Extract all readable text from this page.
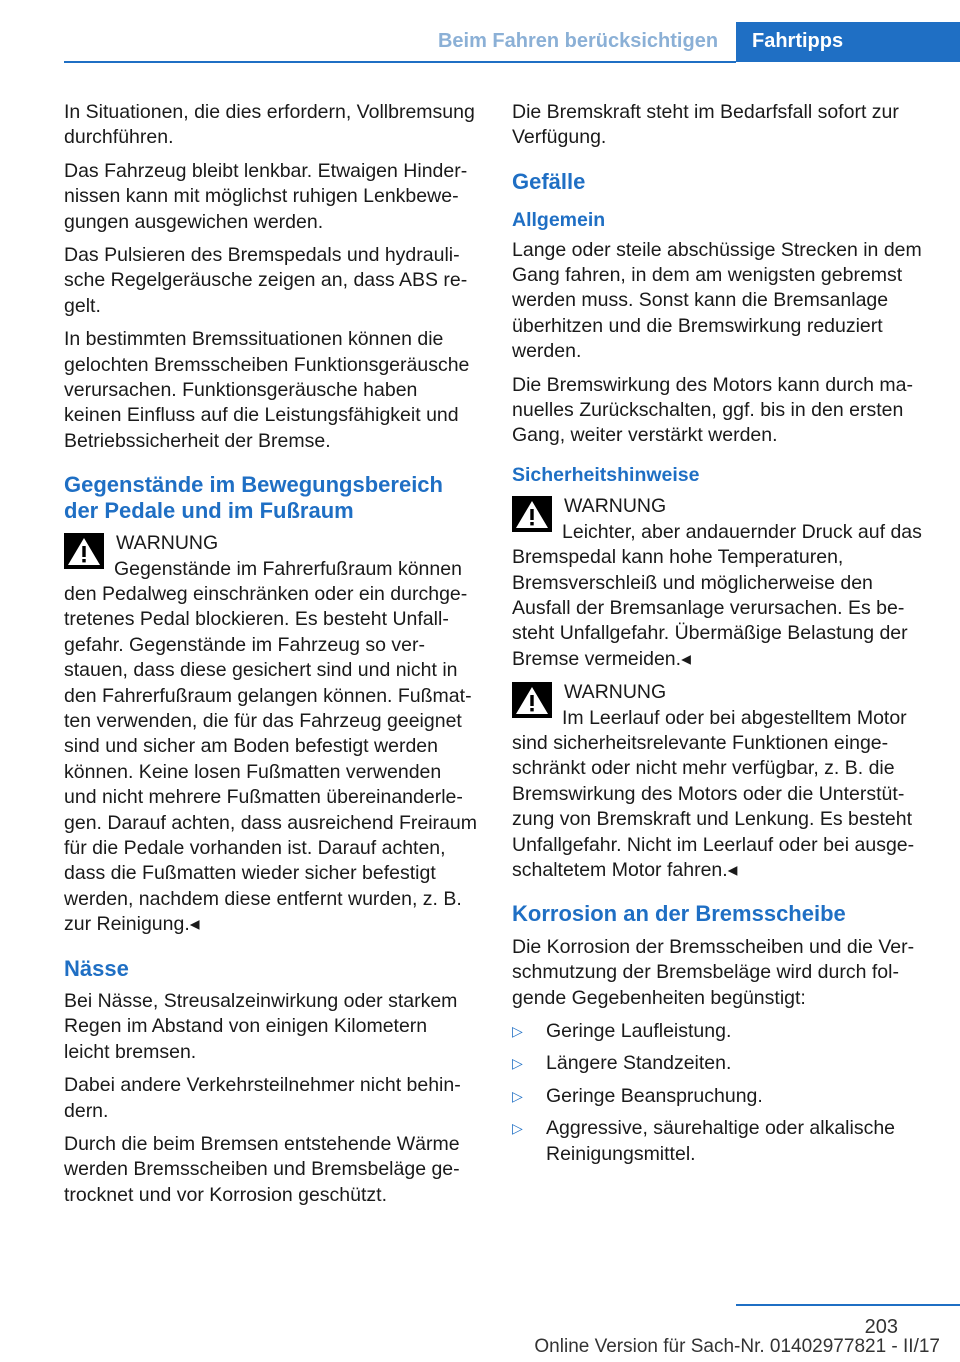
Beim Fahren berücksichtigen	Fahrtipps

In Situationen, die dies erfordern, Vollbremsung durchführen.

Das Fahrzeug bleibt lenkbar. Etwaigen Hindernissen kann mit möglichst ruhigen Lenkbewegungen ausgewichen werden.

Das Pulsieren des Bremspedals und hydraulische Regelgeräusche zeigen an, dass ABS regelt.

In bestimmten Bremssituationen können die gelochten Bremsscheiben Funktionsgeräusche verursachen. Funktionsgeräusche haben keinen Einfluss auf die Leistungsfähigkeit und Betriebssicherheit der Bremse.

Gegenstände im Bewegungsbereich der Pedale und im Fußraum
WARNUNG
Gegenstände im Fahrerfußraum können den Pedalweg einschränken oder ein durchgetretenes Pedal blockieren. Es besteht Unfallgefahr. Gegenstände im Fahrzeug so verstauen, dass diese gesichert sind und nicht in den Fahrerfußraum gelangen können. Fußmatten verwenden, die für das Fahrzeug geeignet sind und sicher am Boden befestigt werden können. Keine losen Fußmatten verwenden und nicht mehrere Fußmatten übereinanderlegen. Darauf achten, dass ausreichend Freiraum für die Pedale vorhanden ist. Darauf achten, dass die Fußmatten wieder sicher befestigt werden, nachdem diese entfernt wurden, z. B. zur Reinigung.◂
Nässe

Bei Nässe, Streusalzeinwirkung oder starkem Regen im Abstand von einigen Kilometern leicht bremsen.

Dabei andere Verkehrsteilnehmer nicht behindern.

Durch die beim Bremsen entstehende Wärme werden Bremsscheiben und Bremsbeläge getrocknet und vor Korrosion geschützt.

Die Bremskraft steht im Bedarfsfall sofort zur Verfügung.

Gefälle
Allgemein

Lange oder steile abschüssige Strecken in dem Gang fahren, in dem am wenigsten gebremst werden muss. Sonst kann die Bremsanlage überhitzen und die Bremswirkung reduziert werden.

Die Bremswirkung des Motors kann durch manuelles Zurückschalten, ggf. bis in den ersten Gang, weiter verstärkt werden.

Sicherheitshinweise
WARNUNG
Leichter, aber andauernder Druck auf das Bremspedal kann hohe Temperaturen, Bremsverschleiß und möglicherweise den Ausfall der Bremsanlage verursachen. Es besteht Unfallgefahr. Übermäßige Belastung der Bremse vermeiden.◂
WARNUNG
Im Leerlauf oder bei abgestelltem Motor sind sicherheitsrelevante Funktionen eingeschränkt oder nicht mehr verfügbar, z. B. die Bremswirkung des Motors oder die Unterstützung von Bremskraft und Lenkung. Es besteht Unfallgefahr. Nicht im Leerlauf oder bei ausgeschaltetem Motor fahren.◂
Korrosion an der Bremsscheibe

Die Korrosion der Bremsscheiben und die Verschmutzung der Bremsbeläge wird durch folgende Gegebenheiten begünstigt:

▷ Geringe Laufleistung.
▷ Längere Standzeiten.
▷ Geringe Beanspruchung.
▷ Aggressive, säurehaltige oder alkalische Reinigungsmittel.
203
Online Version für Sach-Nr. 01402977821 - II/17
